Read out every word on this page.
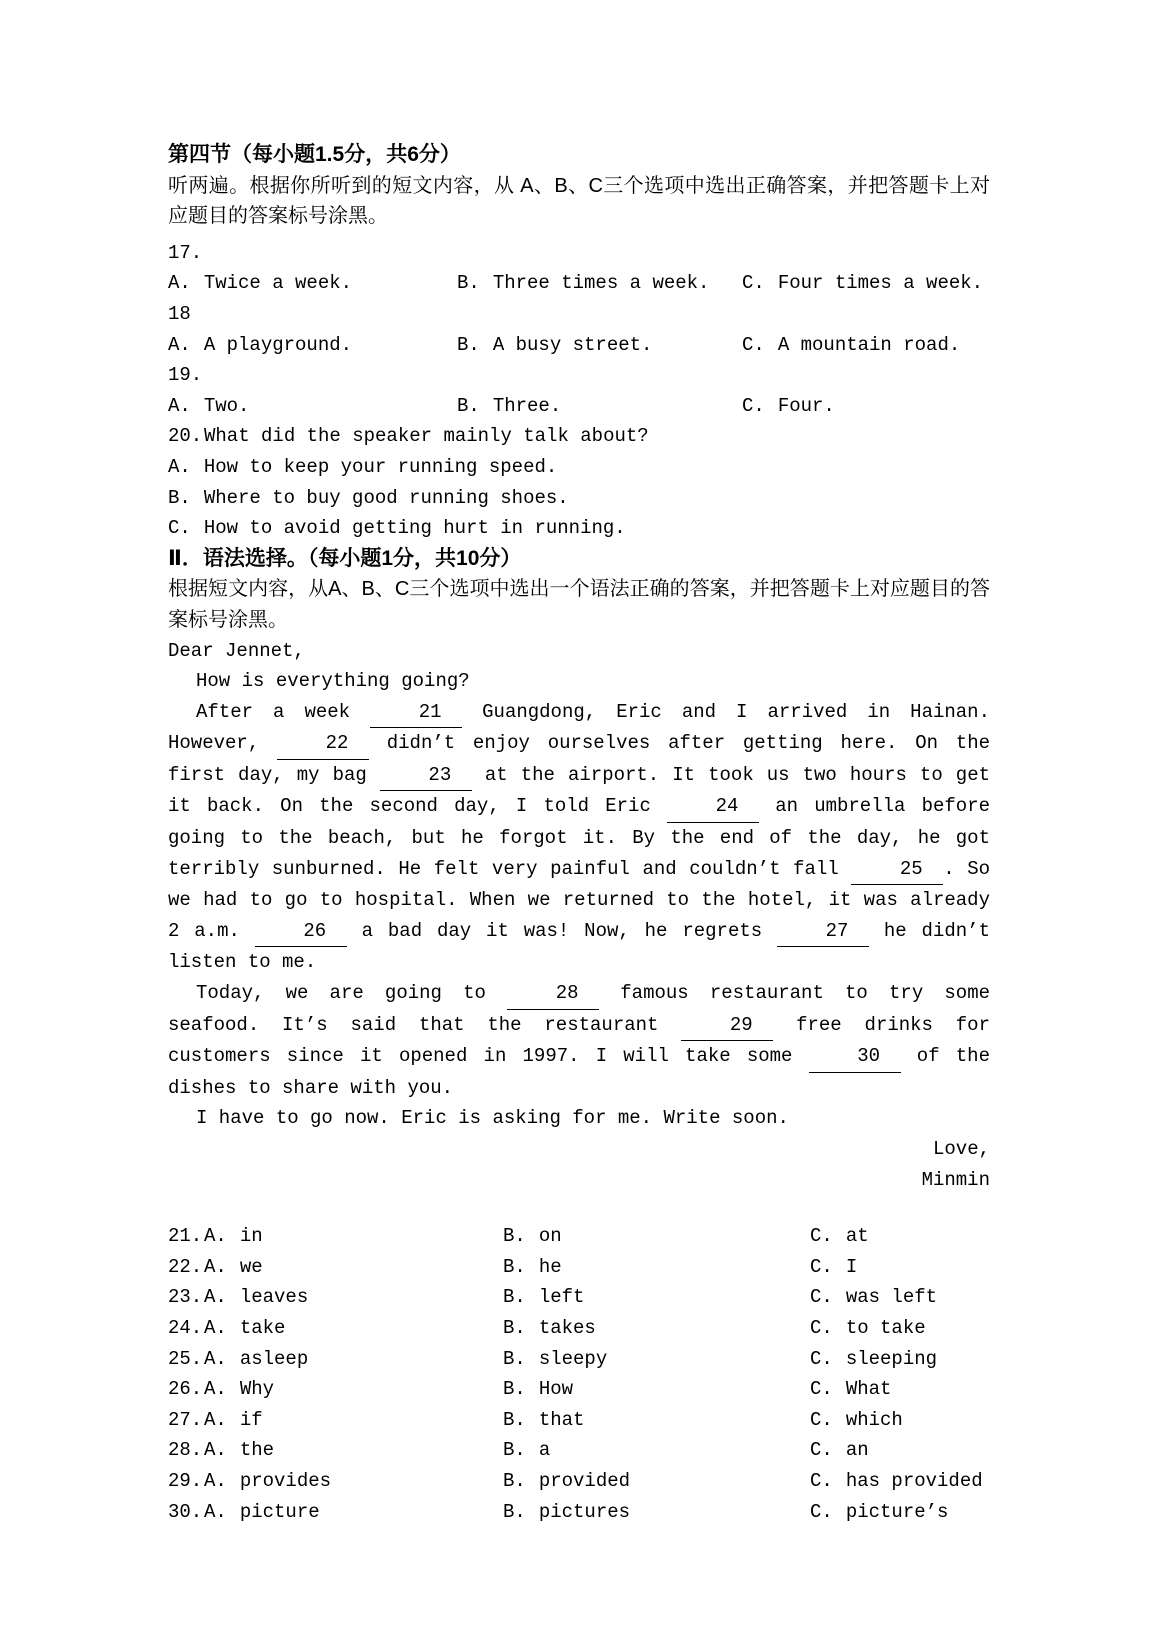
第四节（每小题1.5分，共6分）

听两遍。根据你所听到的短文内容，从 A、B、C三个选项中选出正确答案，并把答题卡上对应题目的答案标号涂黑。

17.
A. Twice a week.	B. Three times a week.	C. Four times a week.
18
A. A playground.	B. A busy street.	C. A mountain road.
19.
A. Two.	B. Three.	C. Four.
20.What did the speaker mainly talk about?
A. How to keep your running speed.
B. Where to buy good running shoes.
C. How to avoid getting hurt in running.

Ⅱ．语法选择。（每小题1分，共10分）

根据短文内容，从A、B、C三个选项中选出一个语法正确的答案，并把答题卡上对应题目的答案标号涂黑。

Dear Jennet,

How is everything going?

After a week	21 Guangdong, Eric and I arrived in Hainan. However,	22 didn’t enjoy ourselves after getting here. On the first day, my bag	23 at the airport. It took us two hours to get it back. On the second day, I told Eric	24 an umbrella before going to the beach, but he forgot it. By the end of the day, he got terribly sunburned. He felt very painful and couldn’t fall	25 . So we had to go to hospital. When we returned to the hotel, it was already 2 a.m.	26 a bad day it was! Now, he regrets	27 he didn’t listen to me.

Today, we are going to	28 famous restaurant to try some seafood. It’s said that the restaurant	29 free drinks for customers since it opened in 1997. I will take some	30 of the dishes to share with you.

I have to go now. Eric is asking for me. Write soon.

Love,

Minmin

21. A. in	B. on	C. at
22. A. we	B. he	C. I
23. A. leaves	B. left	C. was left
24. A. take	B. takes	C. to take
25. A. asleep	B. sleepy	C. sleeping
26. A. Why	B. How	C. What
27. A. if	B. that	C. which
28. A. the	B. a	C. an
29. A. provides	B. provided	C. has provided
30. A. picture	B. pictures	C. picture’s
